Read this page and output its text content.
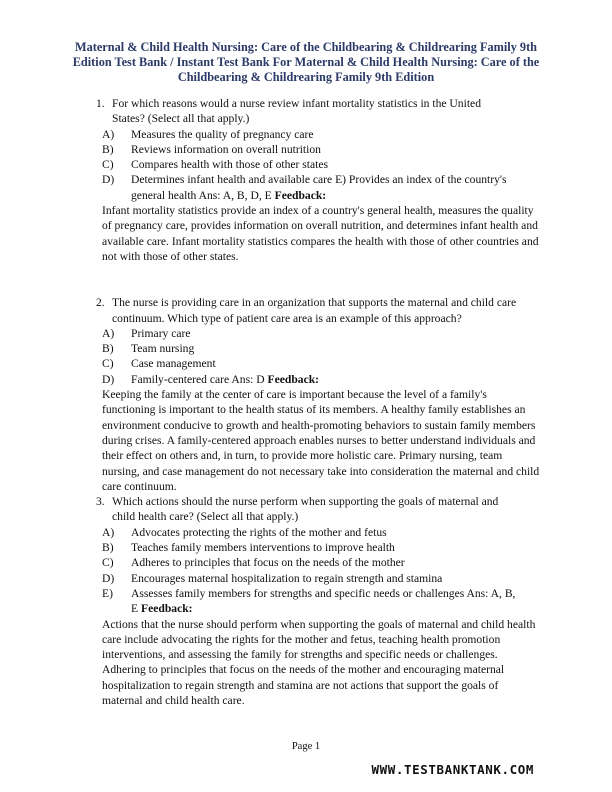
Maternal & Child Health Nursing: Care of the Childbearing & Childrearing Family 9th Edition Test Bank / Instant Test Bank For Maternal & Child Health Nursing: Care of the Childbearing & Childrearing Family 9th Edition
1. For which reasons would a nurse review infant mortality statistics in the United
States? (Select all that apply.)
A)	Measures the quality of pregnancy care
B)	Reviews information on overall nutrition
C)	Compares health with those of other states
D)	Determines infant health and available care E) Provides an index of the country's
general health Ans: A, B, D, E Feedback:
Infant mortality statistics provide an index of a country's general health, measures the quality of pregnancy care, provides information on overall nutrition, and determines infant health and available care. Infant mortality statistics compares the health with those of other countries and not with those of other states.
2. The nurse is providing care in an organization that supports the maternal and child care
continuum. Which type of patient care area is an example of this approach?
A)	Primary care
B)	Team nursing
C)	Case management
D)	Family-centered care Ans: D Feedback:
Keeping the family at the center of care is important because the level of a family's functioning is important to the health status of its members. A healthy family establishes an environment conducive to growth and health-promoting behaviors to sustain family members during crises. A family-centered approach enables nurses to better understand individuals and their effect on others and, in turn, to provide more holistic care. Primary nursing, team nursing, and case management do not necessary take into consideration the maternal and child care continuum.
3. Which actions should the nurse perform when supporting the goals of maternal and
child health care? (Select all that apply.)
A)	Advocates protecting the rights of the mother and fetus
B)	Teaches family members interventions to improve health
C)	Adheres to principles that focus on the needs of the mother
D)	Encourages maternal hospitalization to regain strength and stamina
E)	Assesses family members for strengths and specific needs or challenges Ans: A, B,
E Feedback:
Actions that the nurse should perform when supporting the goals of maternal and child health care include advocating the rights for the mother and fetus, teaching health promotion interventions, and assessing the family for strengths and specific needs or challenges. Adhering to principles that focus on the needs of the mother and encouraging maternal hospitalization to regain strength and stamina are not actions that support the goals of maternal and child health care.
Page 1
WWW.TESTBANKTANK.COM
